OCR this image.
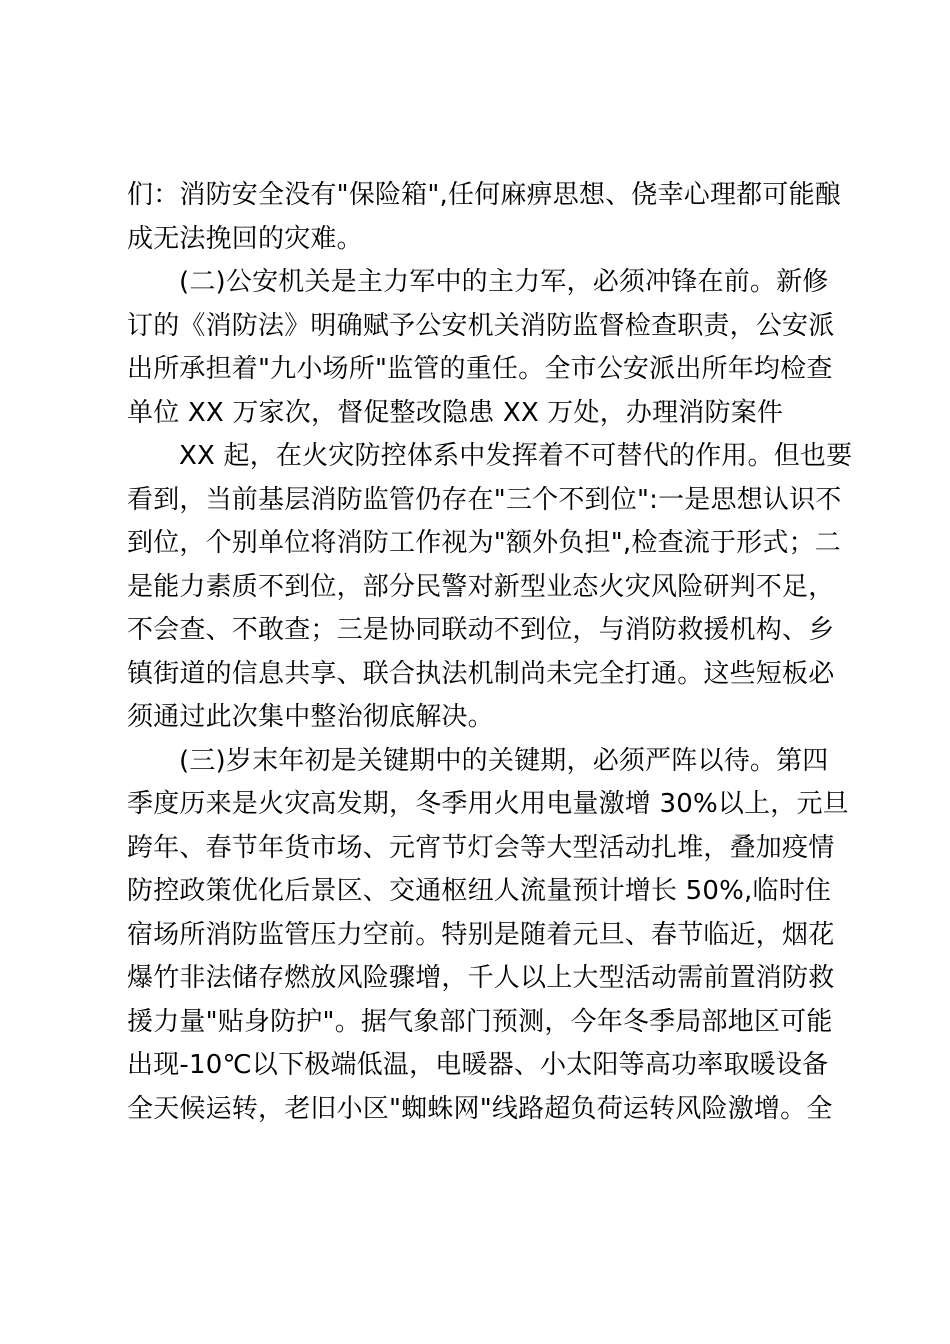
们：消防安全没有"保险箱",任何麻痹思想、侥幸心理都可能酿
成无法挽回的灾难。

(二)公安机关是主力军中的主力军，必须冲锋在前。新修
订的《消防法》明确赋予公安机关消防监督检查职责，公安派
出所承担着"九小场所"监管的重任。全市公安派出所年均检查
单位 XX 万家次，督促整改隐患 XX 万处，办理消防案件

XX 起，在火灾防控体系中发挥着不可替代的作用。但也要
看到，当前基层消防监管仍存在"三个不到位":一是思想认识不
到位，个别单位将消防工作视为"额外负担",检查流于形式；二
是能力素质不到位，部分民警对新型业态火灾风险研判不足，
不会查、不敢查；三是协同联动不到位，与消防救援机构、乡
镇街道的信息共享、联合执法机制尚未完全打通。这些短板必
须通过此次集中整治彻底解决。

(三)岁末年初是关键期中的关键期，必须严阵以待。第四
季度历来是火灾高发期，冬季用火用电量激增 30%以上，元旦
跨年、春节年货市场、元宵节灯会等大型活动扎堆，叠加疫情
防控政策优化后景区、交通枢纽人流量预计增长 50%,临时住
宿场所消防监管压力空前。特别是随着元旦、春节临近，烟花
爆竹非法储存燃放风险骤增，千人以上大型活动需前置消防救
援力量"贴身防护"。据气象部门预测，今年冬季局部地区可能
出现-10℃以下极端低温，电暖器、小太阳等高功率取暖设备
全天候运转，老旧小区"蜘蛛网"线路超负荷运转风险激增。全
